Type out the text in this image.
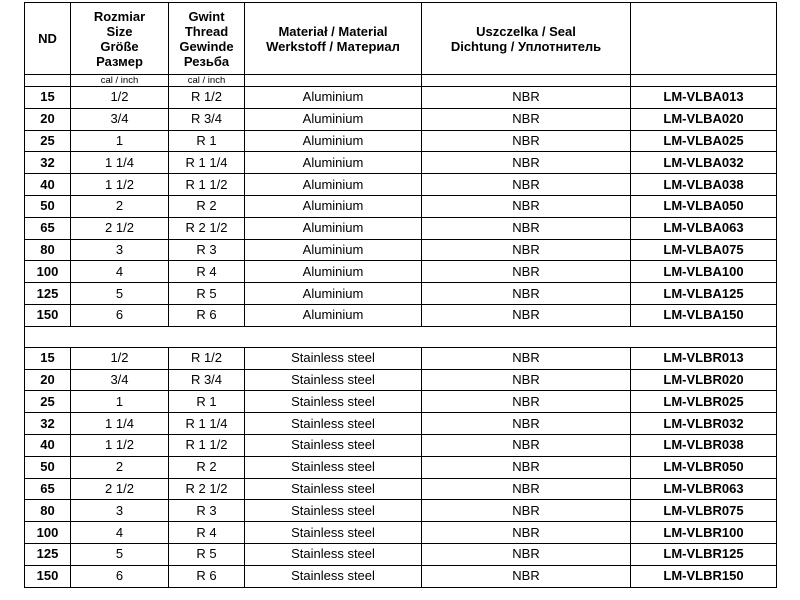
ND	Rozmiar
Size
Größe
Размер	Gwint
Thread
Gewinde
Резьба	Materiał / Material
Werkstoff / Материал	Uszczelka / Seal
Dichtung / Уплотнитель	
	cal / inch	cal / inch			
15	1/2	R 1/2	Aluminium	NBR	LM-VLBA013
20	3/4	R 3/4	Aluminium	NBR	LM-VLBA020
25	1	R 1	Aluminium	NBR	LM-VLBA025
32	1 1/4	R 1 1/4	Aluminium	NBR	LM-VLBA032
40	1 1/2	R 1 1/2	Aluminium	NBR	LM-VLBA038
50	2	R 2	Aluminium	NBR	LM-VLBA050
65	2 1/2	R 2 1/2	Aluminium	NBR	LM-VLBA063
80	3	R 3	Aluminium	NBR	LM-VLBA075
100	4	R 4	Aluminium	NBR	LM-VLBA100
125	5	R 5	Aluminium	NBR	LM-VLBA125
150	6	R 6	Aluminium	NBR	LM-VLBA150

15	1/2	R 1/2	Stainless steel	NBR	LM-VLBR013
20	3/4	R 3/4	Stainless steel	NBR	LM-VLBR020
25	1	R 1	Stainless steel	NBR	LM-VLBR025
32	1 1/4	R 1 1/4	Stainless steel	NBR	LM-VLBR032
40	1 1/2	R 1 1/2	Stainless steel	NBR	LM-VLBR038
50	2	R 2	Stainless steel	NBR	LM-VLBR050
65	2 1/2	R 2 1/2	Stainless steel	NBR	LM-VLBR063
80	3	R 3	Stainless steel	NBR	LM-VLBR075
100	4	R 4	Stainless steel	NBR	LM-VLBR100
125	5	R 5	Stainless steel	NBR	LM-VLBR125
150	6	R 6	Stainless steel	NBR	LM-VLBR150
